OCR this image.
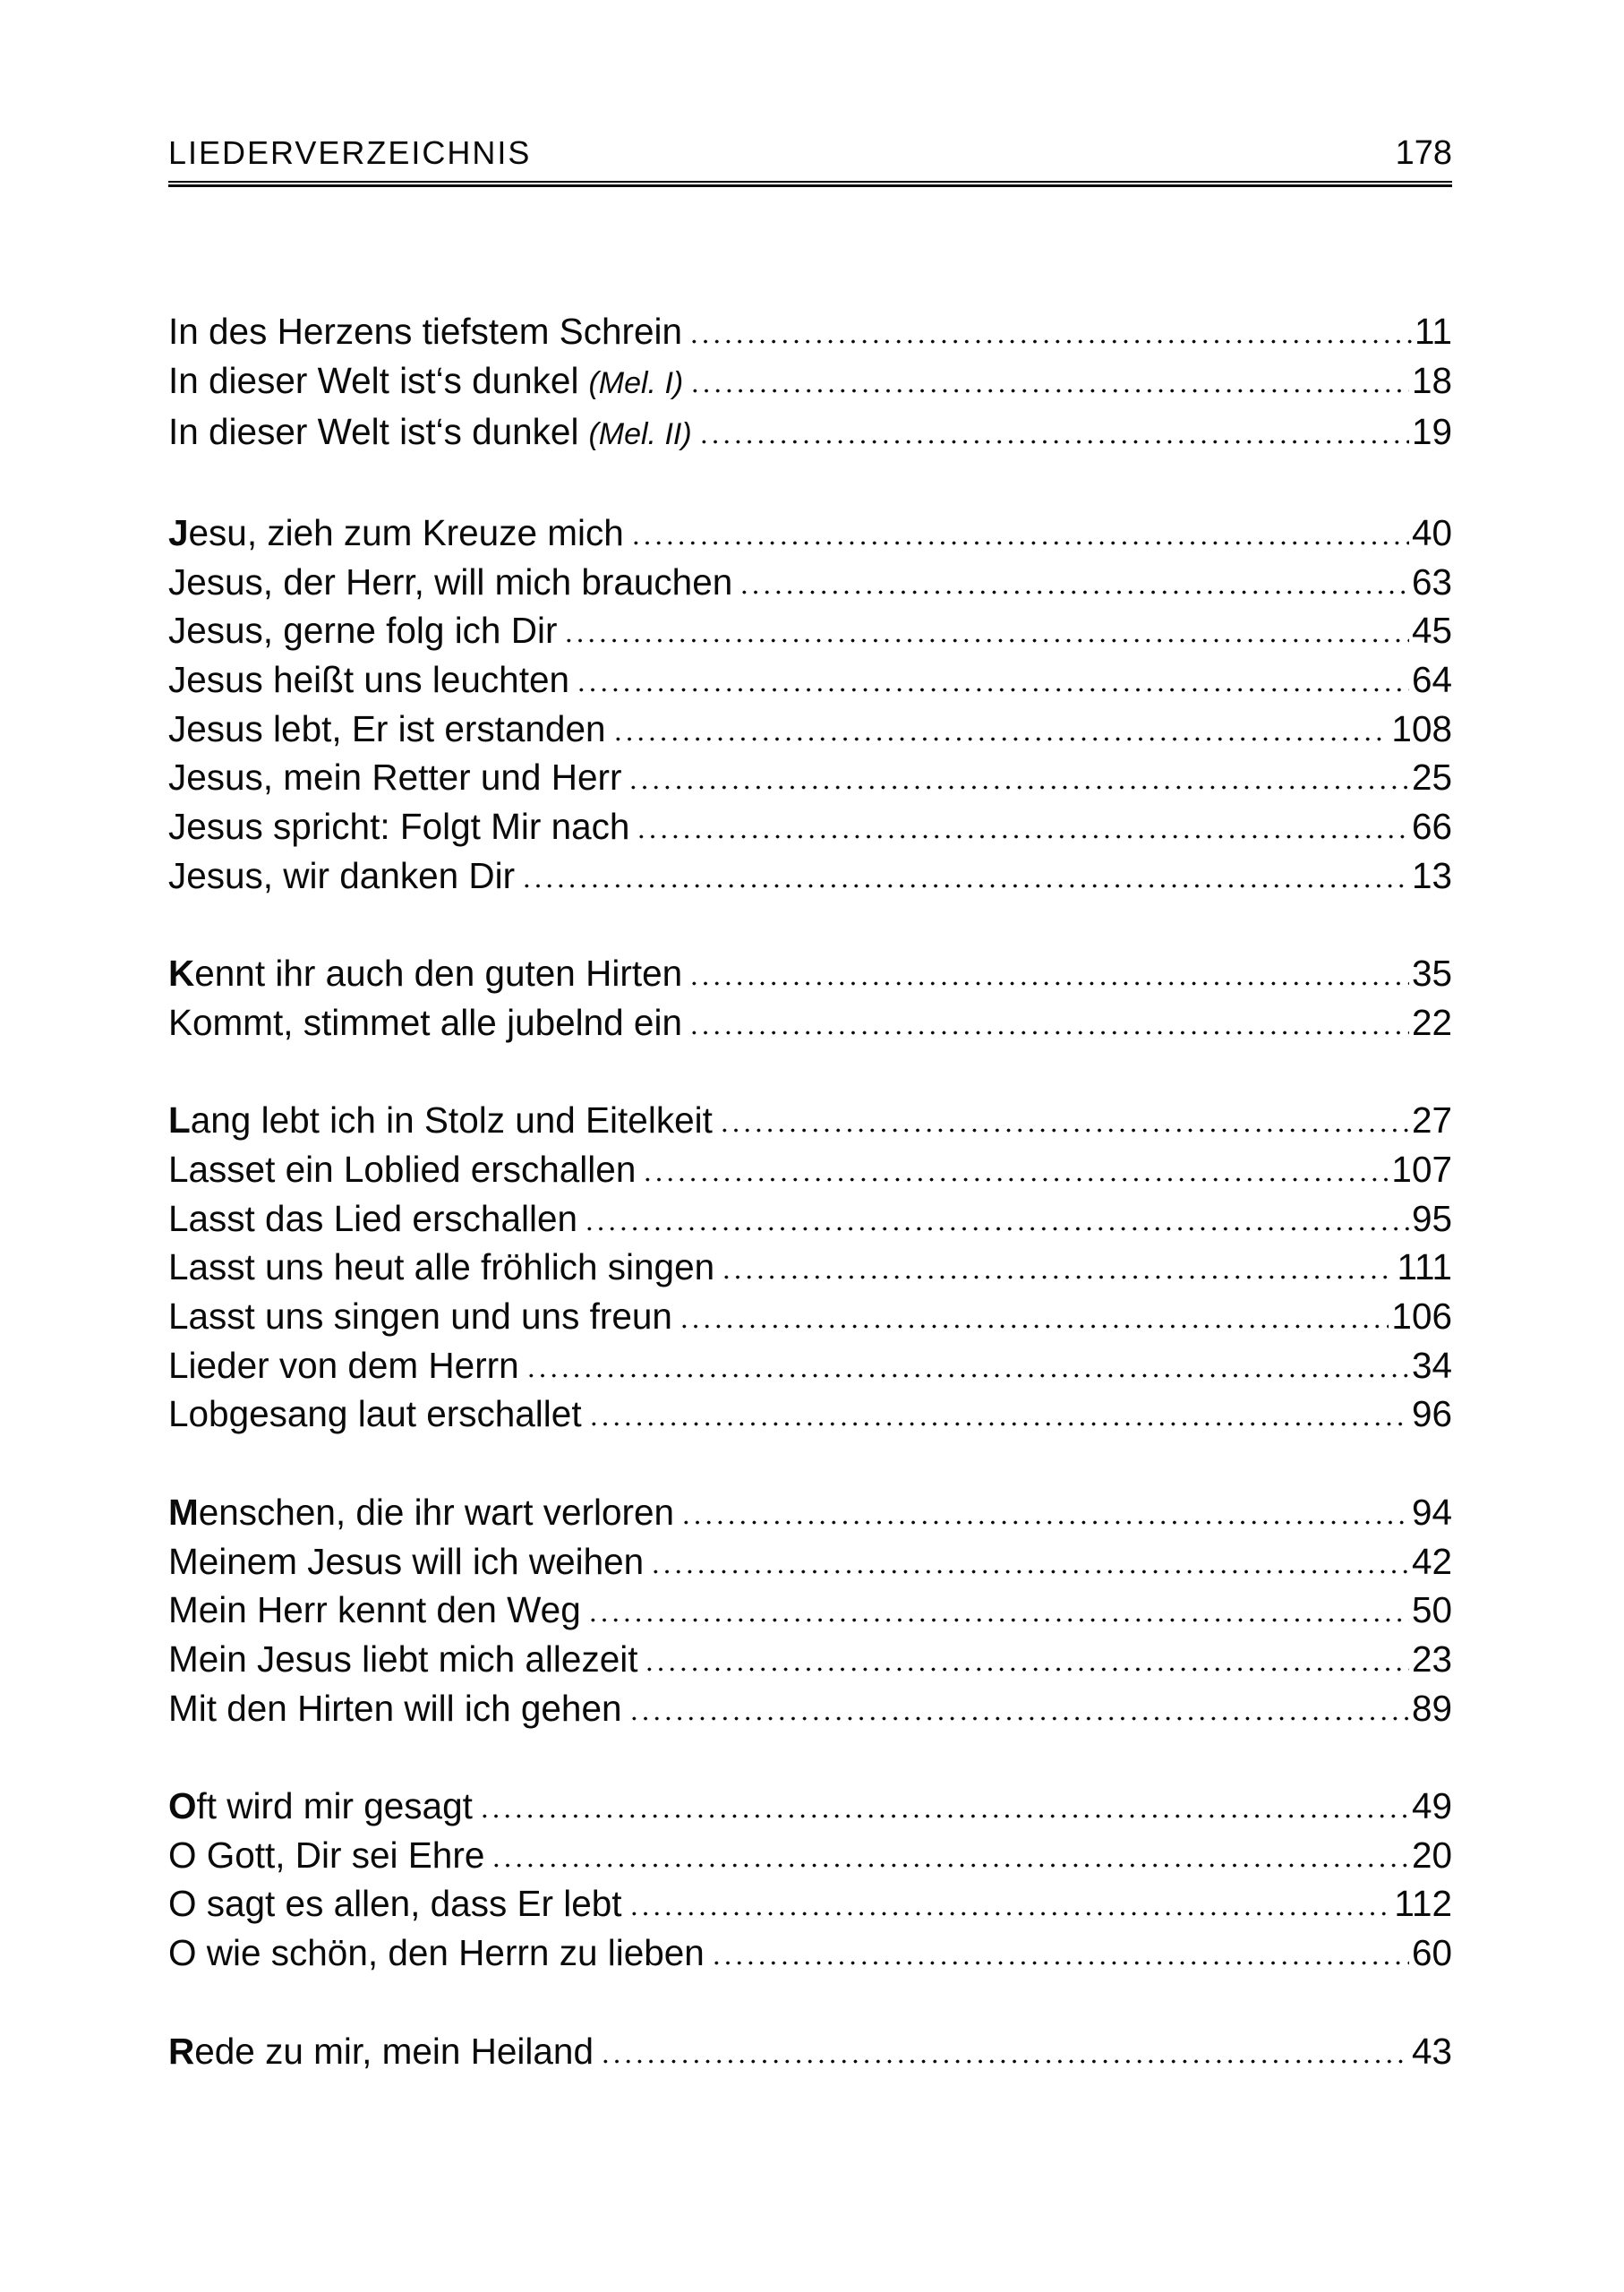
LIEDERVERZEICHNIS	178
In des Herzens tiefstem Schrein	11
In dieser Welt ist‘s dunkel (Mel. I)	18
In dieser Welt ist‘s dunkel (Mel. II)	19
Jesu, zieh zum Kreuze mich	40
Jesus, der Herr, will mich brauchen	63
Jesus, gerne folg ich Dir	45
Jesus heißt uns leuchten	64
Jesus lebt, Er ist erstanden	108
Jesus, mein Retter und Herr	25
Jesus spricht: Folgt Mir nach	66
Jesus, wir danken Dir	13
Kennt ihr auch den guten Hirten	35
Kommt, stimmet alle jubelnd ein	22
Lang lebt ich in Stolz und Eitelkeit	27
Lasset ein Loblied erschallen	107
Lasst das Lied erschallen	95
Lasst uns heut alle fröhlich singen	111
Lasst uns singen und uns freun	106
Lieder von dem Herrn	34
Lobgesang laut erschallet	96
Menschen, die ihr wart verloren	94
Meinem Jesus will ich weihen	42
Mein Herr kennt den Weg	50
Mein Jesus liebt mich allezeit	23
Mit den Hirten will ich gehen	89
Oft wird mir gesagt	49
O Gott, Dir sei Ehre	20
O sagt es allen, dass Er lebt	112
O wie schön, den Herrn zu lieben	60
Rede zu mir, mein Heiland	43
